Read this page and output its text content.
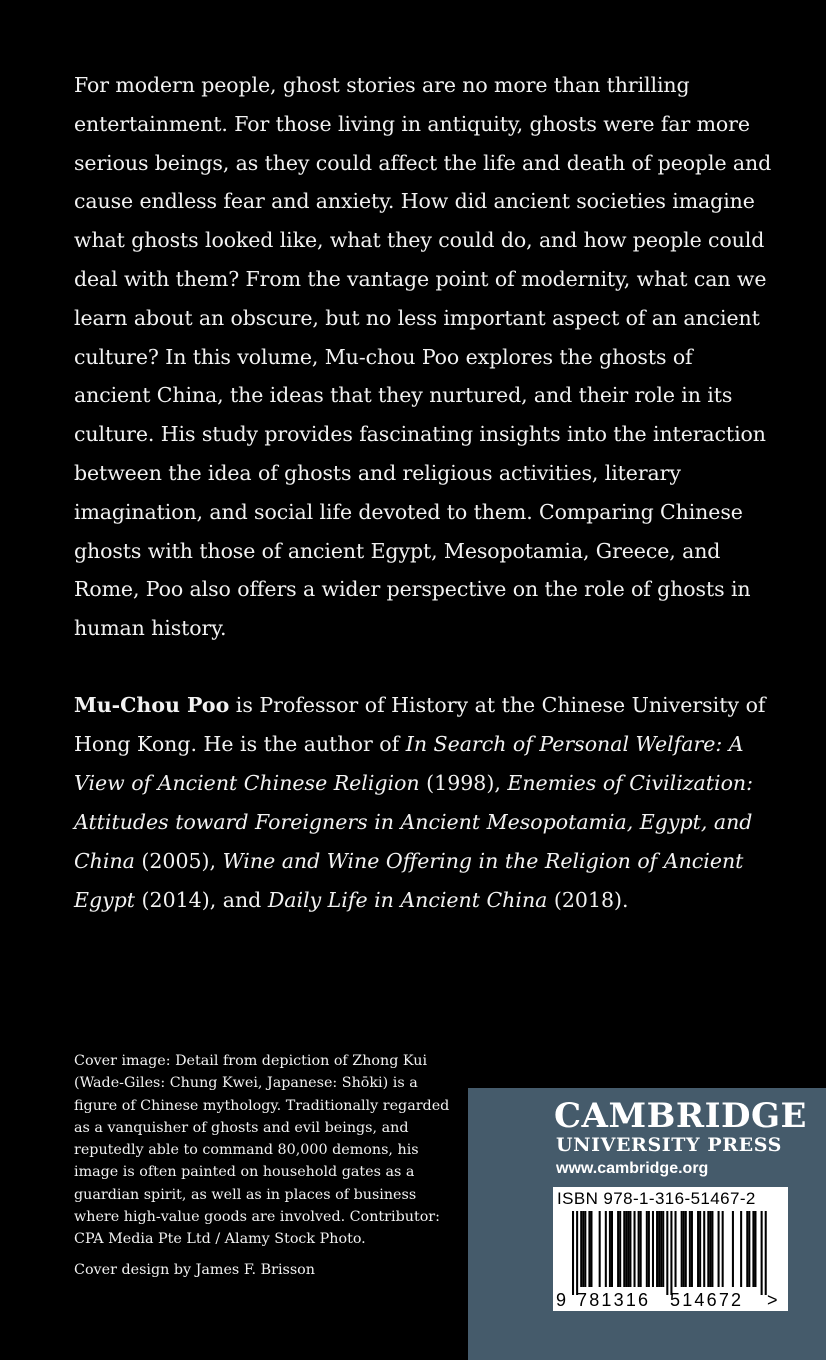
For modern people, ghost stories are no more than thrilling entertainment. For those living in antiquity, ghosts were far more serious beings, as they could affect the life and death of people and cause endless fear and anxiety. How did ancient societies imagine what ghosts looked like, what they could do, and how people could deal with them? From the vantage point of modernity, what can we learn about an obscure, but no less important aspect of an ancient culture? In this volume, Mu-chou Poo explores the ghosts of ancient China, the ideas that they nurtured, and their role in its culture. His study provides fascinating insights into the interaction between the idea of ghosts and religious activities, literary imagination, and social life devoted to them. Comparing Chinese ghosts with those of ancient Egypt, Mesopotamia, Greece, and Rome, Poo also offers a wider perspective on the role of ghosts in human history.

Mu-Chou Poo is Professor of History at the Chinese University of Hong Kong. He is the author of In Search of Personal Welfare: A View of Ancient Chinese Religion (1998), Enemies of Civilization: Attitudes toward Foreigners in Ancient Mesopotamia, Egypt, and China (2005), Wine and Wine Offering in the Religion of Ancient Egypt (2014), and Daily Life in Ancient China (2018).

Cover image: Detail from depiction of Zhong Kui (Wade-Giles: Chung Kwei, Japanese: Shōki) is a figure of Chinese mythology. Traditionally regarded as a vanquisher of ghosts and evil beings, and reputedly able to command 80,000 demons, his image is often painted on household gates as a guardian spirit, as well as in places of business where high-value goods are involved. Contributor: CPA Media Pte Ltd / Alamy Stock Photo.

Cover design by James F. Brisson

CAMBRIDGE
UNIVERSITY PRESS
www.cambridge.org
ISBN 978-1-316-51467-2
9 781316 514672 >
